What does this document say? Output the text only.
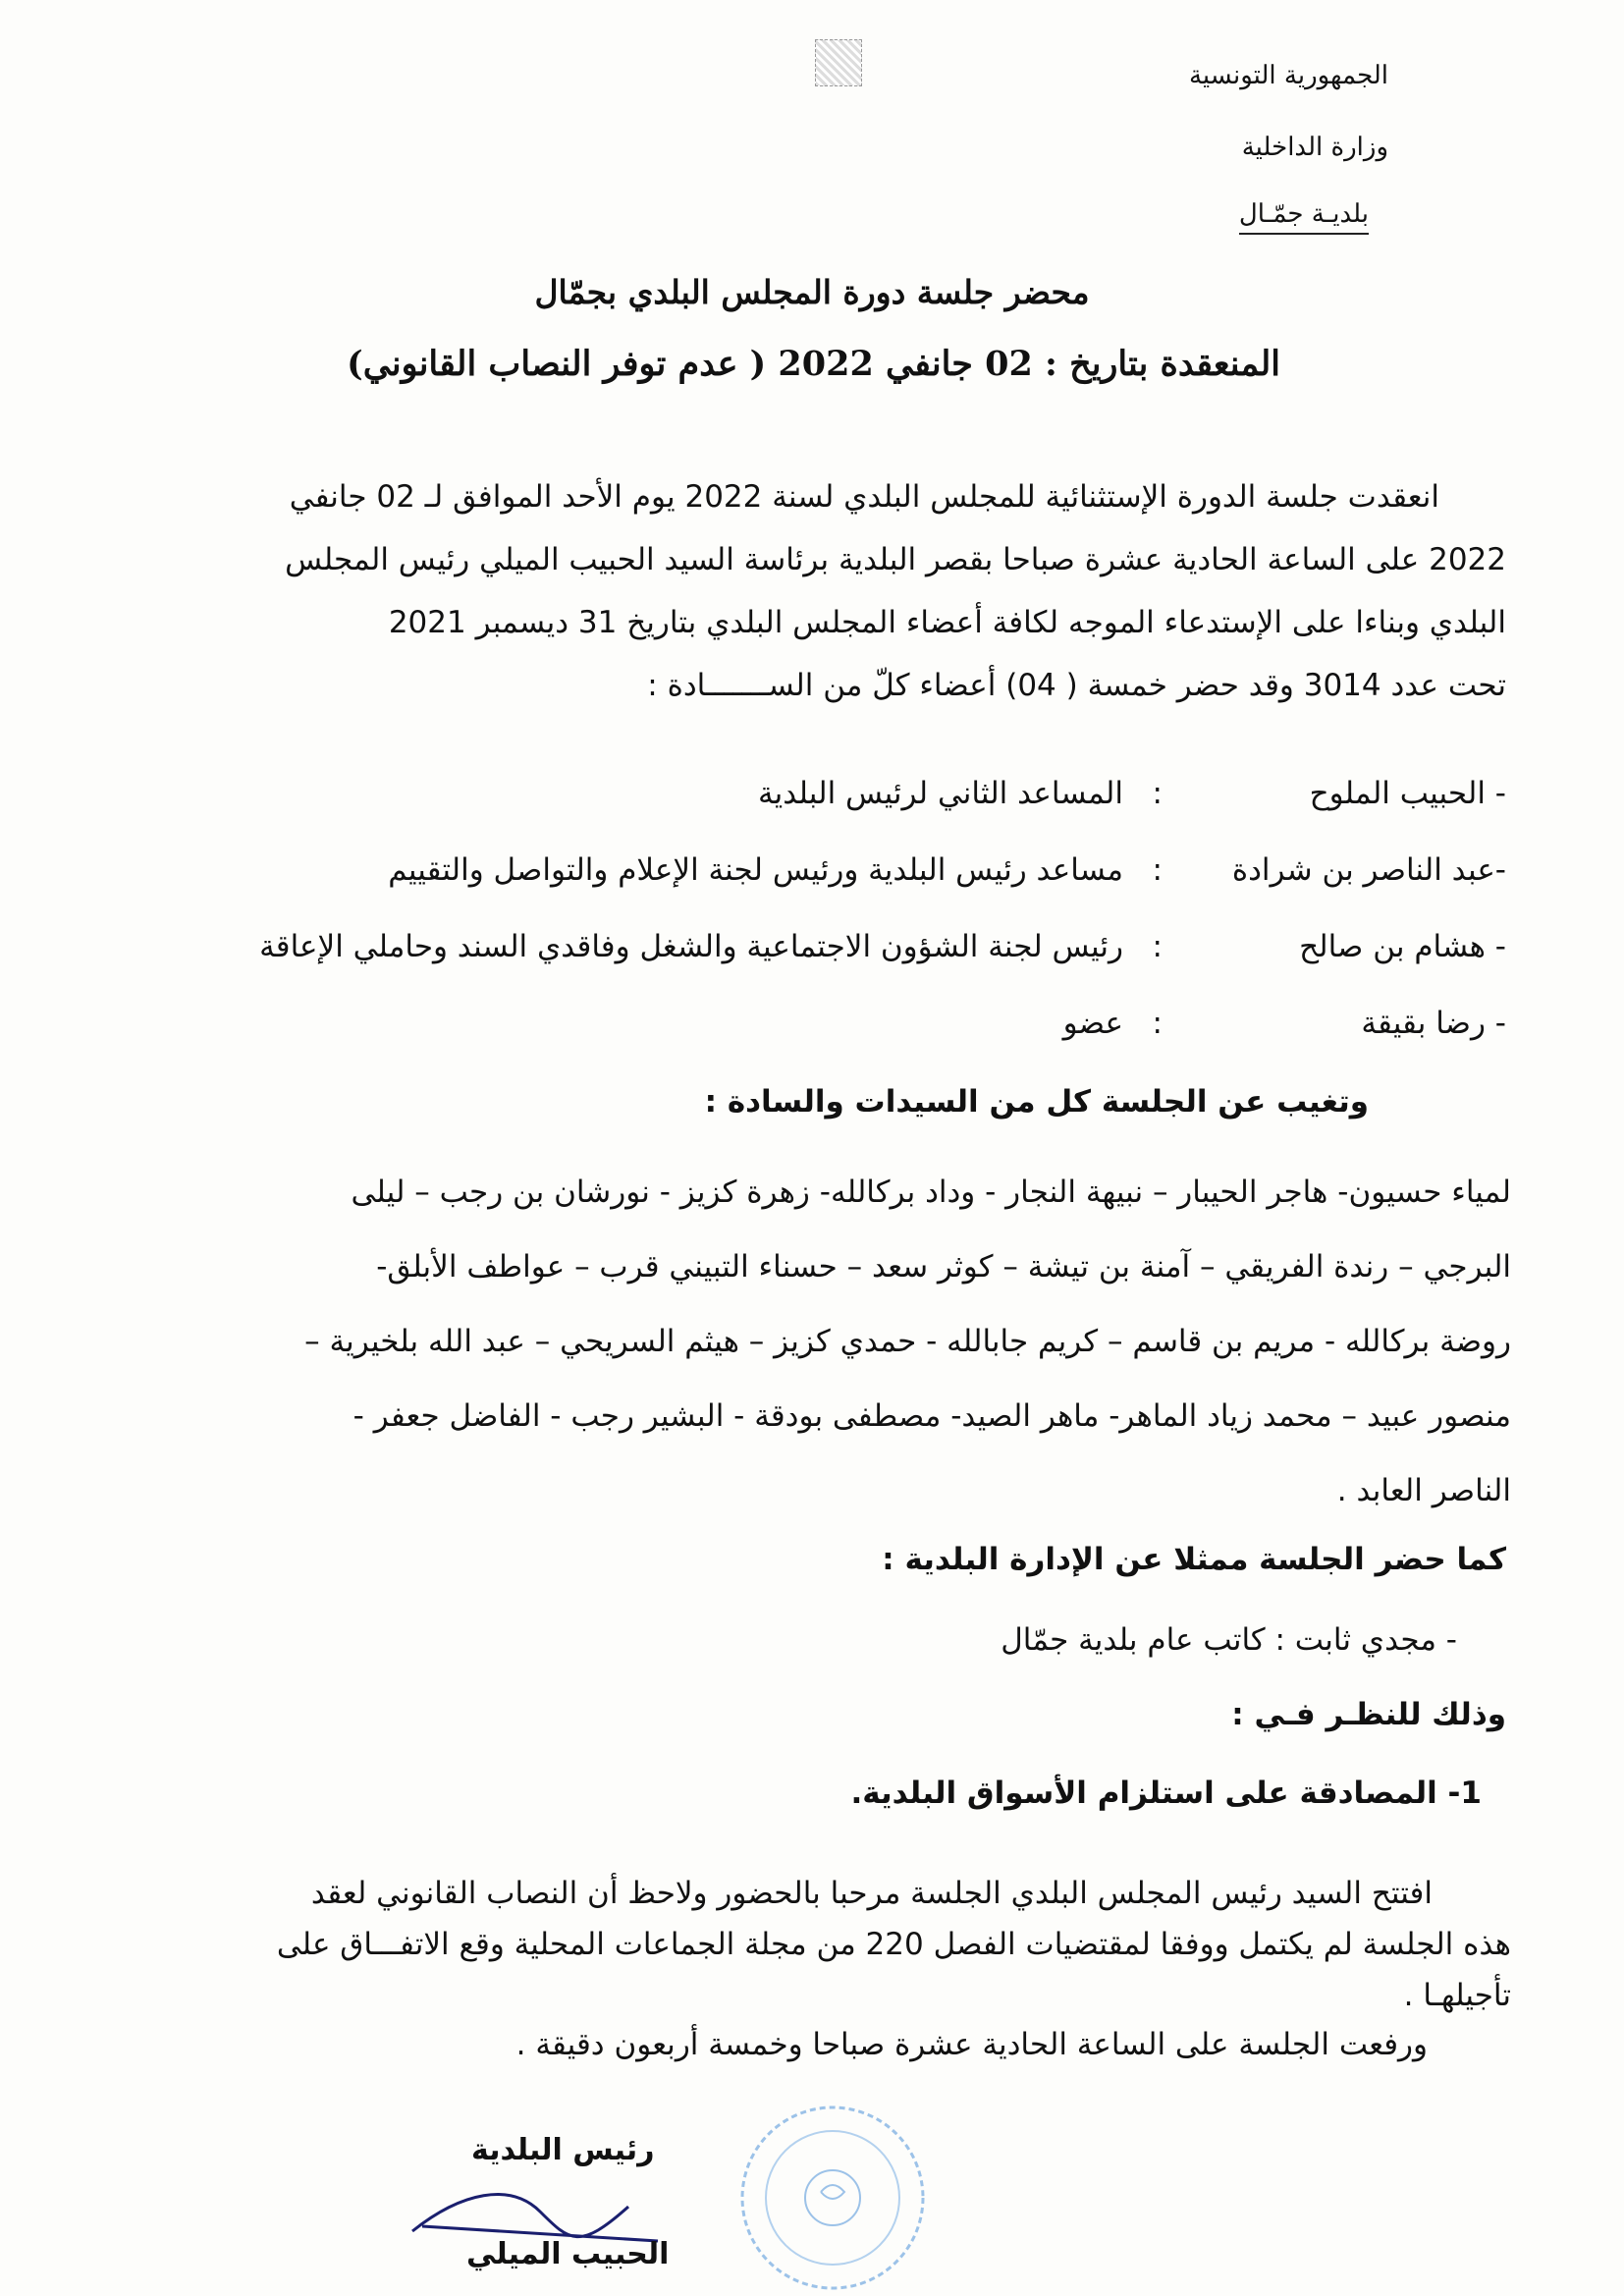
الجمهورية التونسية
وزارة الداخلية
بلديـة جمّـال
محضر جلسة دورة المجلس البلدي بجمّال
المنعقدة بتاريخ : 02 جانفي 2022 ( عدم توفر النصاب القانوني)
انعقدت جلسة الدورة الإستثنائية للمجلس البلدي لسنة 2022 يوم الأحد الموافق لـ 02 جانفي
2022 على الساعة الحادية عشرة صباحا بقصر البلدية برئاسة السيد الحبيب الميلي رئيس المجلس
البلدي وبناءا على الإستدعاء الموجه لكافة أعضاء المجلس البلدي بتاريخ 31 ديسمبر 2021
تحت عدد 3014 وقد حضر خمسة ( 04) أعضاء كلّ من الســـــــادة :
- الحبيب الملوح
:
المساعد الثاني لرئيس البلدية
-عبد الناصر بن شرادة
:
مساعد رئيس البلدية ورئيس لجنة الإعلام والتواصل والتقييم
- هشام بن صالح
:
رئيس لجنة الشؤون الاجتماعية والشغل وفاقدي السند وحاملي الإعاقة
- رضا بقيقة
:
عضو
وتغيب عن الجلسة كل من السيدات والسادة :
لمياء حسيون- هاجر الحيبار – نبيهة النجار - وداد بركالله- زهرة كزيز - نورشان بن رجب – ليلى
البرجي – رندة الفريقي – آمنة بن تيشة – كوثر سعد – حسناء التبيني قرب – عواطف الأبلق-
روضة بركالله - مريم بن قاسم – كريم جابالله - حمدي كزيز – هيثم السريحي – عبد الله بلخيرية –
منصور عبيد – محمد زياد الماهر- ماهر الصيد- مصطفى بودقة - البشير رجب - الفاضل جعفر -
الناصر العابد .
كما حضر الجلسة ممثلا عن الإدارة البلدية :
- مجدي ثابت : كاتب عام بلدية جمّال
وذلك للنظـر فـي :
1- المصادقة على استلزام الأسواق البلدية.
افتتح السيد رئيس المجلس البلدي الجلسة مرحبا بالحضور ولاحظ أن النصاب القانوني لعقد
هذه الجلسة لم يكتمل ووفقا لمقتضيات الفصل 220 من مجلة الجماعات المحلية وقع الاتفـــاق على
تأجيلهـا .
ورفعت الجلسة على الساعة الحادية عشرة صباحا وخمسة أربعون دقيقة .
رئيس البلدية
الحبيب الميلي
